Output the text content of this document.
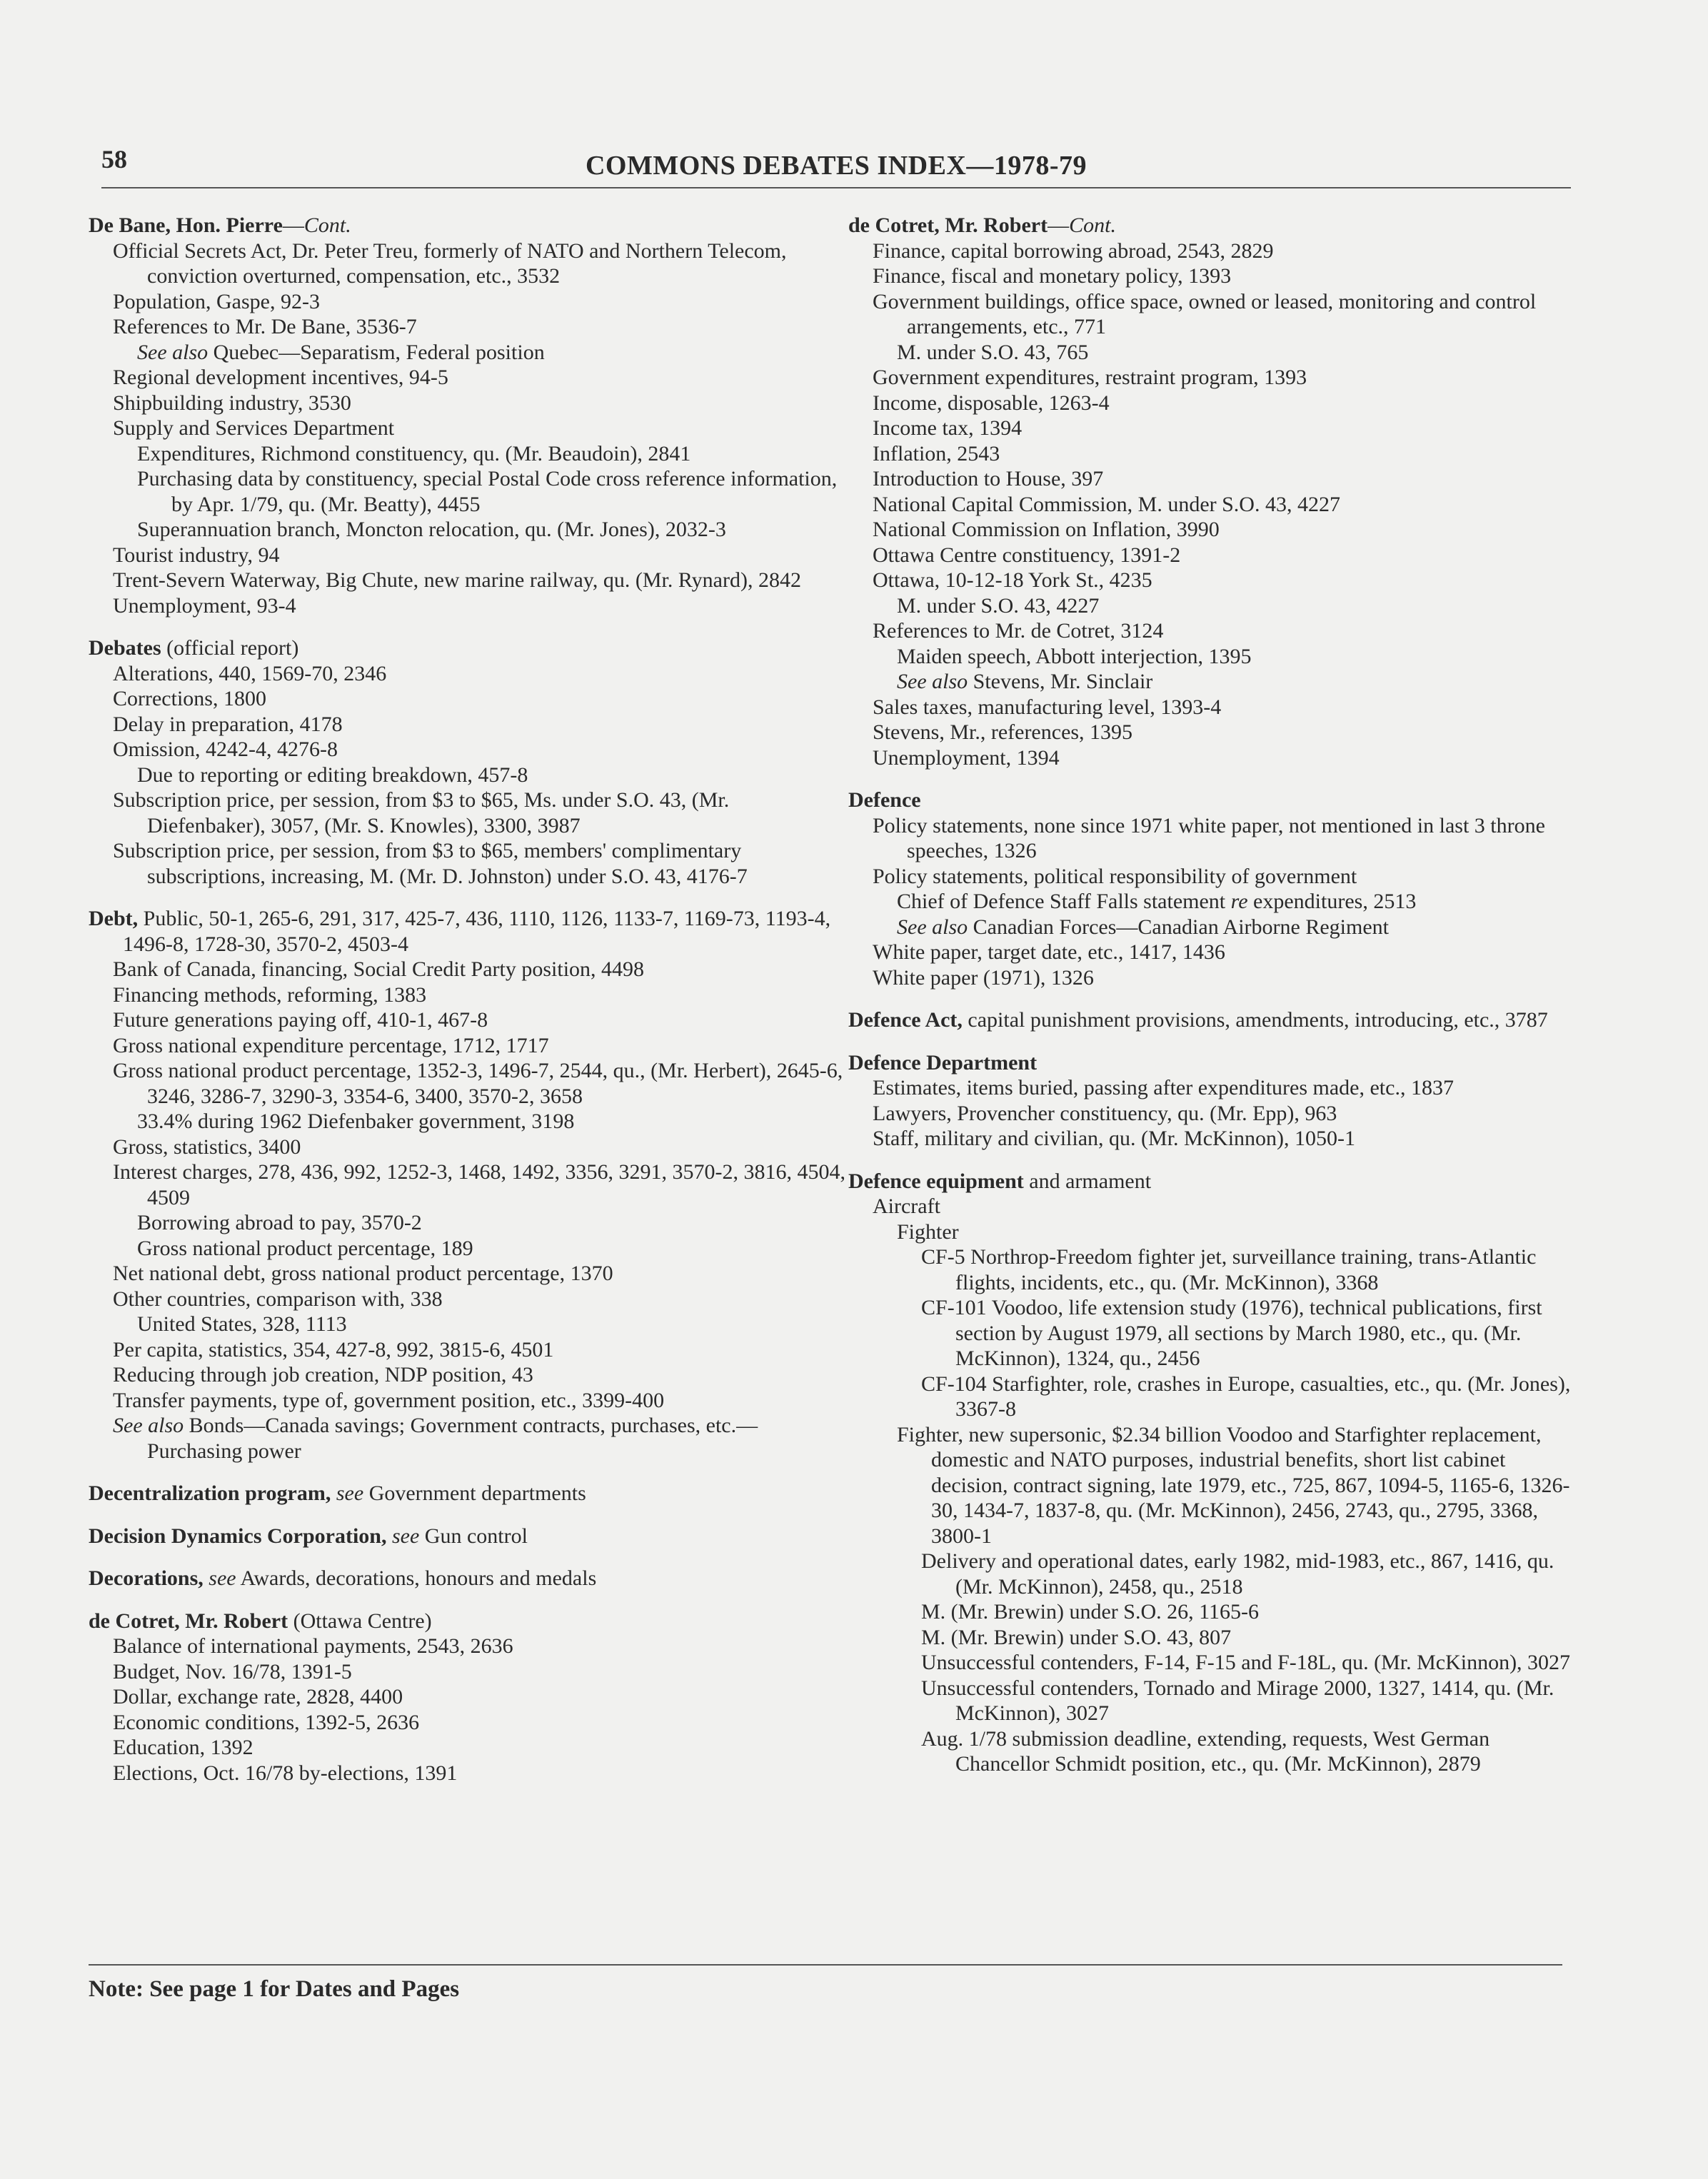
58	COMMONS DEBATES INDEX—1978-79
De Bane, Hon. Pierre—Cont.
Official Secrets Act, Dr. Peter Treu, formerly of NATO and Northern Telecom, conviction overturned, compensation, etc., 3532
Population, Gaspe, 92-3
References to Mr. De Bane, 3536-7
See also Quebec—Separatism, Federal position
Regional development incentives, 94-5
Shipbuilding industry, 3530
Supply and Services Department
Expenditures, Richmond constituency, qu. (Mr. Beaudoin), 2841
Purchasing data by constituency, special Postal Code cross reference information, by Apr. 1/79, qu. (Mr. Beatty), 4455
Superannuation branch, Moncton relocation, qu. (Mr. Jones), 2032-3
Tourist industry, 94
Trent-Severn Waterway, Big Chute, new marine railway, qu. (Mr. Rynard), 2842
Unemployment, 93-4
Debates (official report)
Alterations, 440, 1569-70, 2346
Corrections, 1800
Delay in preparation, 4178
Omission, 4242-4, 4276-8
Due to reporting or editing breakdown, 457-8
Subscription price, per session, from $3 to $65, Ms. under S.O. 43, (Mr. Diefenbaker), 3057, (Mr. S. Knowles), 3300, 3987
Subscription price, per session, from $3 to $65, members' complimentary subscriptions, increasing, M. (Mr. D. Johnston) under S.O. 43, 4176-7
Debt, Public, 50-1, 265-6, 291, 317, 425-7, 436, 1110, 1126, 1133-7, 1169-73, 1193-4, 1496-8, 1728-30, 3570-2, 4503-4
Bank of Canada, financing, Social Credit Party position, 4498
Financing methods, reforming, 1383
Future generations paying off, 410-1, 467-8
Gross national expenditure percentage, 1712, 1717
Gross national product percentage, 1352-3, 1496-7, 2544, qu., (Mr. Herbert), 2645-6, 3246, 3286-7, 3290-3, 3354-6, 3400, 3570-2, 3658
33.4% during 1962 Diefenbaker government, 3198
Gross, statistics, 3400
Interest charges, 278, 436, 992, 1252-3, 1468, 1492, 3356, 3291, 3570-2, 3816, 4504, 4509
Borrowing abroad to pay, 3570-2
Gross national product percentage, 189
Net national debt, gross national product percentage, 1370
Other countries, comparison with, 338
United States, 328, 1113
Per capita, statistics, 354, 427-8, 992, 3815-6, 4501
Reducing through job creation, NDP position, 43
Transfer payments, type of, government position, etc., 3399-400
See also Bonds—Canada savings; Government contracts, purchases, etc.—Purchasing power
Decentralization program, see Government departments
Decision Dynamics Corporation, see Gun control
Decorations, see Awards, decorations, honours and medals
de Cotret, Mr. Robert (Ottawa Centre)
Balance of international payments, 2543, 2636
Budget, Nov. 16/78, 1391-5
Dollar, exchange rate, 2828, 4400
Economic conditions, 1392-5, 2636
Education, 1392
Elections, Oct. 16/78 by-elections, 1391
de Cotret, Mr. Robert—Cont.
Finance, capital borrowing abroad, 2543, 2829
Finance, fiscal and monetary policy, 1393
Government buildings, office space, owned or leased, monitoring and control arrangements, etc., 771
M. under S.O. 43, 765
Government expenditures, restraint program, 1393
Income, disposable, 1263-4
Income tax, 1394
Inflation, 2543
Introduction to House, 397
National Capital Commission, M. under S.O. 43, 4227
National Commission on Inflation, 3990
Ottawa Centre constituency, 1391-2
Ottawa, 10-12-18 York St., 4235
M. under S.O. 43, 4227
References to Mr. de Cotret, 3124
Maiden speech, Abbott interjection, 1395
See also Stevens, Mr. Sinclair
Sales taxes, manufacturing level, 1393-4
Stevens, Mr., references, 1395
Unemployment, 1394
Defence
Policy statements, none since 1971 white paper, not mentioned in last 3 throne speeches, 1326
Policy statements, political responsibility of government
Chief of Defence Staff Falls statement re expenditures, 2513
See also Canadian Forces—Canadian Airborne Regiment
White paper, target date, etc., 1417, 1436
White paper (1971), 1326
Defence Act, capital punishment provisions, amendments, introducing, etc., 3787
Defence Department
Estimates, items buried, passing after expenditures made, etc., 1837
Lawyers, Provencher constituency, qu. (Mr. Epp), 963
Staff, military and civilian, qu. (Mr. McKinnon), 1050-1
Defence equipment and armament
Aircraft
Fighter
CF-5 Northrop-Freedom fighter jet, surveillance training, trans-Atlantic flights, incidents, etc., qu. (Mr. McKinnon), 3368
CF-101 Voodoo, life extension study (1976), technical publications, first section by August 1979, all sections by March 1980, etc., qu. (Mr. McKinnon), 1324, qu., 2456
CF-104 Starfighter, role, crashes in Europe, casualties, etc., qu. (Mr. Jones), 3367-8
Fighter, new supersonic, $2.34 billion Voodoo and Starfighter replacement, domestic and NATO purposes, industrial benefits, short list cabinet decision, contract signing, late 1979, etc., 725, 867, 1094-5, 1165-6, 1326-30, 1434-7, 1837-8, qu. (Mr. McKinnon), 2456, 2743, qu., 2795, 3368, 3800-1
Delivery and operational dates, early 1982, mid-1983, etc., 867, 1416, qu. (Mr. McKinnon), 2458, qu., 2518
M. (Mr. Brewin) under S.O. 26, 1165-6
M. (Mr. Brewin) under S.O. 43, 807
Unsuccessful contenders, F-14, F-15 and F-18L, qu. (Mr. McKinnon), 3027
Unsuccessful contenders, Tornado and Mirage 2000, 1327, 1414, qu. (Mr. McKinnon), 3027
Aug. 1/78 submission deadline, extending, requests, West German Chancellor Schmidt position, etc., qu. (Mr. McKinnon), 2879
Note: See page 1 for Dates and Pages
